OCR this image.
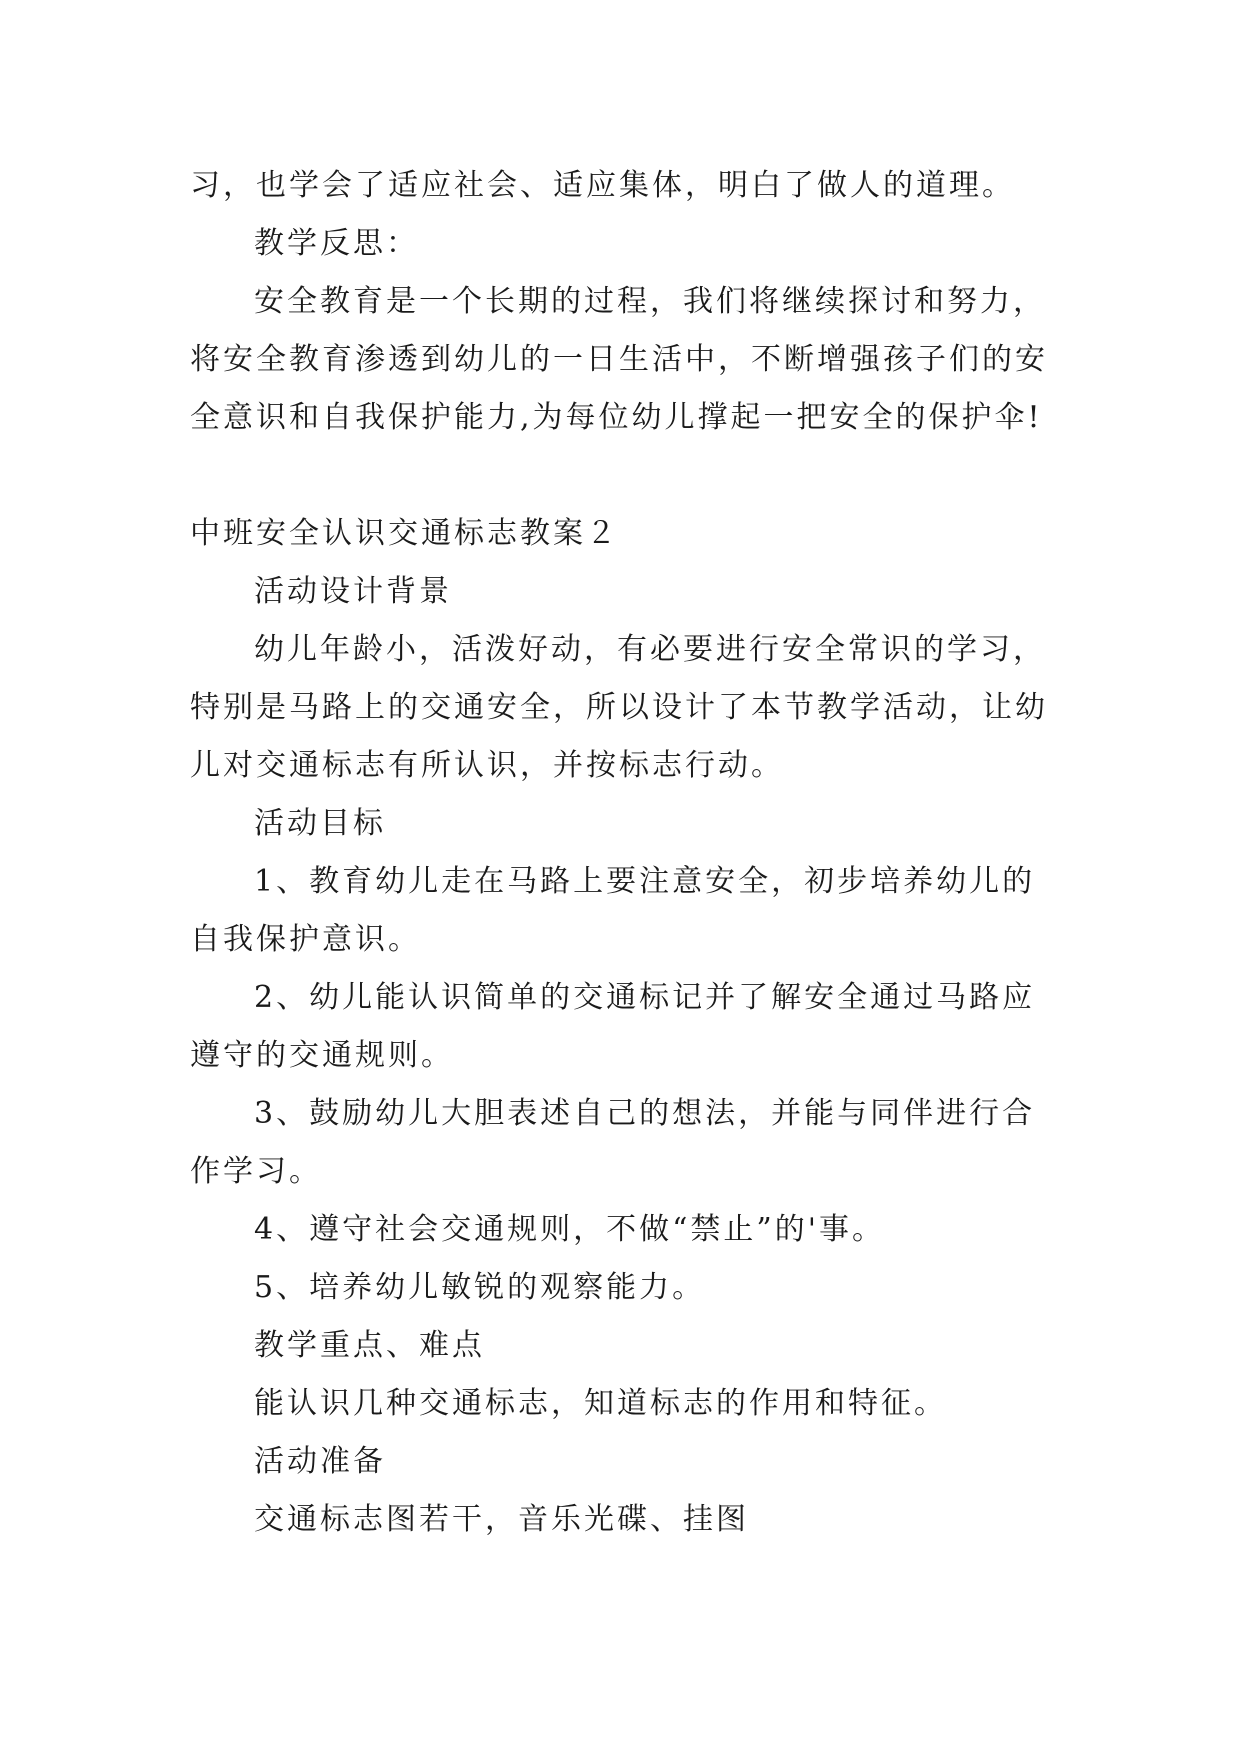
习，也学会了适应社会、适应集体，明白了做人的道理。
教学反思：
安全教育是一个长期的过程，我们将继续探讨和努力，
将安全教育渗透到幼儿的一日生活中，不断增强孩子们的安
全意识和自我保护能力,为每位幼儿撑起一把安全的保护伞!
中班安全认识交通标志教案２
活动设计背景
幼儿年龄小，活泼好动，有必要进行安全常识的学习，
特别是马路上的交通安全，所以设计了本节教学活动，让幼
儿对交通标志有所认识，并按标志行动。
活动目标
1、教育幼儿走在马路上要注意安全，初步培养幼儿的
自我保护意识。
2、幼儿能认识简单的交通标记并了解安全通过马路应
遵守的交通规则。
3、鼓励幼儿大胆表述自己的想法，并能与同伴进行合
作学习。
4、遵守社会交通规则，不做“禁止”的'事。
5、培养幼儿敏锐的观察能力。
教学重点、难点
能认识几种交通标志，知道标志的作用和特征。
活动准备
交通标志图若干，音乐光碟、挂图
